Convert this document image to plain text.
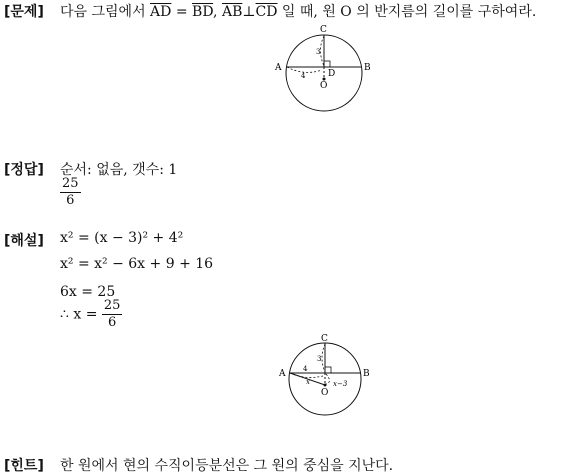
[문제] 다음 그림에서 $\overline{AD} = \overline{BD}$, $\overline{AB}\perp\overline{CD}$ 일 때, 원 O 의 반지름의 길이를 구하여라.
C
A	B
D
O
3
4
[정답] 순서: 없음, 갯수: 1
$\frac{25}{6}$
[해설] x² = (x − 3)² + 4²
x² = x² − 6x + 9 + 16
6x = 25
∴ $x = \frac{25}{6}$
C
A	B
O
3
4
x	x−3
[힌트] 한 원에서 현의 수직이등분선은 그 원의 중심을 지난다.
